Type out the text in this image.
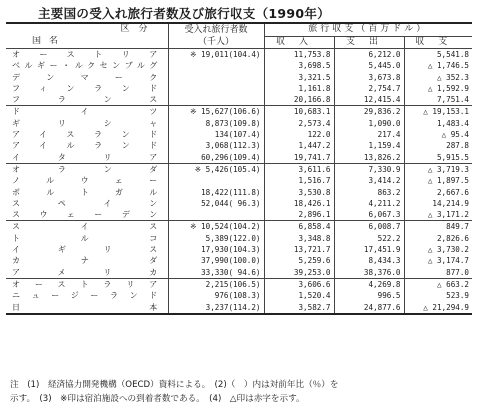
主要国の受入れ旅行者数及び旅行収支（1990年）
区　分	受入れ旅行者数
（千人）	旅行収支（百万ドル）		
国名		収入	支出	収支
オーストリア	※ 19,011(104.4)	11,753.8	6,212.0	5,541.8
ベルギー・ルクセンブルグ		3,698.5	5,445.0	△ 1,746.5
デンマーク		3,321.5	3,673.8	△ 352.3
フィンランド		1,161.8	2,754.7	△ 1,592.9
フランス		20,166.8	12,415.4	7,751.4
ドイツ	※ 15,627(106.6)	10,683.1	29,836.2	△ 19,153.1
ギリシャ	8,873(109.8)	2,573.4	1,090.0	1,483.4
アイスランド	134(107.4)	122.0	217.4	△ 95.4
アイルランド	3,068(112.3)	1,447.2	1,159.4	287.8
イタリア	60,296(109.4)	19,741.7	13,826.2	5,915.5
オランダ	※ 5,426(105.4)	3,611.6	7,330.9	△ 3,719.3
ノルウェー		1,516.7	3,414.2	△ 1,897.5
ポルトガル	18,422(111.8)	3,530.8	863.2	2,667.6
スペイン	52,044( 96.3)	18,426.1	4,211.2	14,214.9
スウェーデン		2,896.1	6,067.3	△ 3,171.2
スイス	※ 10,524(104.2)	6,858.4	6,008.7	849.7
トルコ	5,389(122.0)	3,348.8	522.2	2,826.6
イギリス	17,930(104.3)	13,721.7	17,451.9	△ 3,730.2
カナダ	37,990(100.0)	5,259.6	8,434.3	△ 3,174.7
アメリカ	33,330( 94.6)	39,253.0	38,376.0	877.0
オーストラリア	2,215(106.5)	3,606.6	4,269.8	△ 663.2
ニュージーランド	976(108.3)	1,520.4	996.5	523.9
日本	3,237(114.2)	3,582.7	24,877.6	△ 21,294.9
注　(1)　経済協力開発機構（OECD）資料による。　(2)（　）内は対前年比（％）を
示す。　(3)　※印は宿泊施設への到着者数である。　(4)　△印は赤字を示す。
